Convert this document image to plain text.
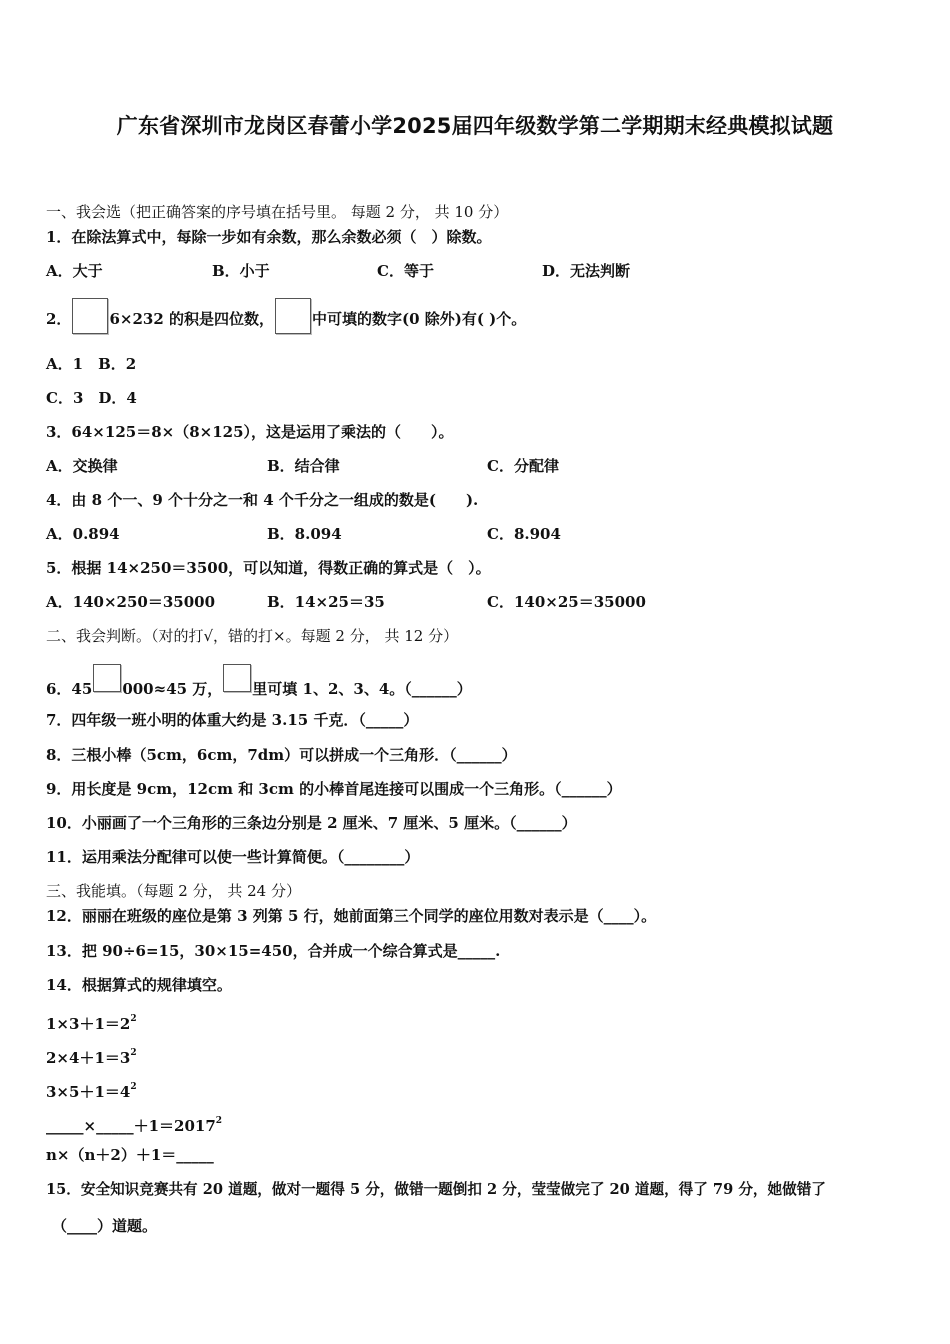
广东省深圳市龙岗区春蕾小学2025届四年级数学第二学期期末经典模拟试题
一、我会选（把正确答案的序号填在括号里。 每题 2 分， 共 10 分）
1．在除法算式中，每除一步如有余数，那么余数必须（　）除数。
A．大于	B．小于	C．等于	D．无法判断
2．	6×232 的积是四位数，	中可填的数字(0 除外)有( )个。
A．1　B．2
C．3　D．4
3．64×125＝8×（8×125），这是运用了乘法的（　　）。
A．交换律	B．结合律	C．分配律
4．由 8 个一、9 个十分之一和 4 个千分之一组成的数是(　　).
A．0.894	B．8.094	C．8.904
5．根据 14×250＝3500，可以知道，得数正确的算式是（　）。
A．140×250＝35000	B．14×25＝35	C．140×25＝35000
二、我会判断。（对的打√，错的打×。每题 2 分， 共 12 分）
6．45 000≈45 万， 里可填 1、2、3、4。（______）
7．四年级一班小明的体重大约是 3.15 千克．（_____）
8．三根小棒（5cm，6cm，7dm）可以拼成一个三角形．（______）
9．用长度是 9cm，12cm 和 3cm 的小棒首尾连接可以围成一个三角形。（______）
10．小丽画了一个三角形的三条边分别是 2 厘米、7 厘米、5 厘米。（______）
11．运用乘法分配律可以使一些计算简便。（________）
三、我能填。（每题 2 分， 共 24 分）
12．丽丽在班级的座位是第 3 列第 5 行，她前面第三个同学的座位用数对表示是（____）。
13．把 90÷6=15，30×15=450，合并成一个综合算式是_____.
14．根据算式的规律填空。
$1\times 3+1=2^2$
$2\times 4+1=3^2$
$3\times 5+1=4^2$
$\_\_\_\_\_\times\_\_\_\_\_+1=2017^2$
n×（n＋2）＋1＝_____
15．安全知识竞赛共有 20 道题，做对一题得 5 分，做错一题倒扣 2 分，莹莹做完了 20 道题，得了 79 分，她做错了
（____）道题。
